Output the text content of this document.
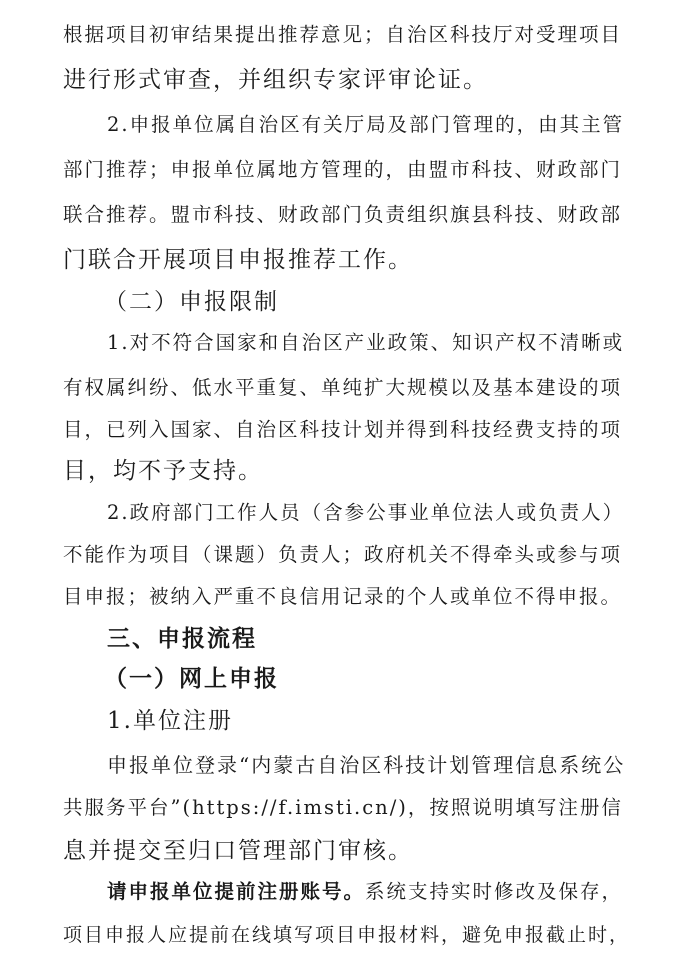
根据项目初审结果提出推荐意见；自治区科技厅对受理项目
进行形式审查，并组织专家评审论证。
2.申报单位属自治区有关厅局及部门管理的，由其主管
部门推荐；申报单位属地方管理的，由盟市科技、财政部门
联合推荐。盟市科技、财政部门负责组织旗县科技、财政部
门联合开展项目申报推荐工作。
（二）申报限制
1.对不符合国家和自治区产业政策、知识产权不清晰或
有权属纠纷、低水平重复、单纯扩大规模以及基本建设的项
目，已列入国家、自治区科技计划并得到科技经费支持的项
目，均不予支持。
2.政府部门工作人员（含参公事业单位法人或负责人）
不能作为项目（课题）负责人；政府机关不得牵头或参与项
目申报；被纳入严重不良信用记录的个人或单位不得申报。
三、申报流程
（一）网上申报
1.单位注册
申报单位登录“内蒙古自治区科技计划管理信息系统公
共服务平台”(https://f.imsti.cn/)，按照说明填写注册信
息并提交至归口管理部门审核。
请申报单位提前注册账号。系统支持实时修改及保存，
项目申报人应提前在线填写项目申报材料，避免申报截止时，
